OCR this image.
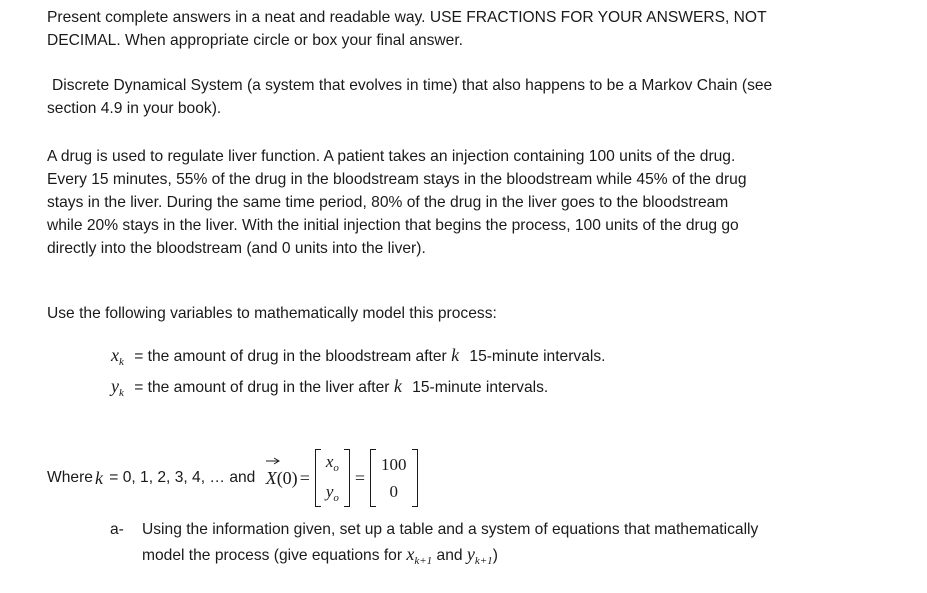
Present complete answers in a neat and readable way. USE FRACTIONS FOR YOUR ANSWERS, NOT
DECIMAL. When appropriate circle or box your final answer.
Discrete Dynamical System (a system that evolves in time) that also happens to be a Markov Chain (see
section 4.9 in your book).
A drug is used to regulate liver function. A patient takes an injection containing 100 units of the drug.
Every 15 minutes, 55% of the drug in the bloodstream stays in the bloodstream while 45% of the drug
stays in the liver. During the same time period, 80% of the drug in the liver goes to the bloodstream
while 20% stays in the liver. With the initial injection that begins the process, 100 units of the drug go
directly into the bloodstream (and 0 units into the liver).
Use the following variables to mathematically model this process:
$x_k$ = the amount of drug in the bloodstream after k 15-minute intervals.
$y_k$ = the amount of drug in the liver after k 15-minute intervals.
Where k = 0, 1, 2, 3, 4, … and X(0) =
$x_o$
$y_o$
=
100
0
a-	Using the information given, set up a table and a system of equations that mathematically
model the process (give equations for $x_{k+1}$ and $y_{k+1}$)
